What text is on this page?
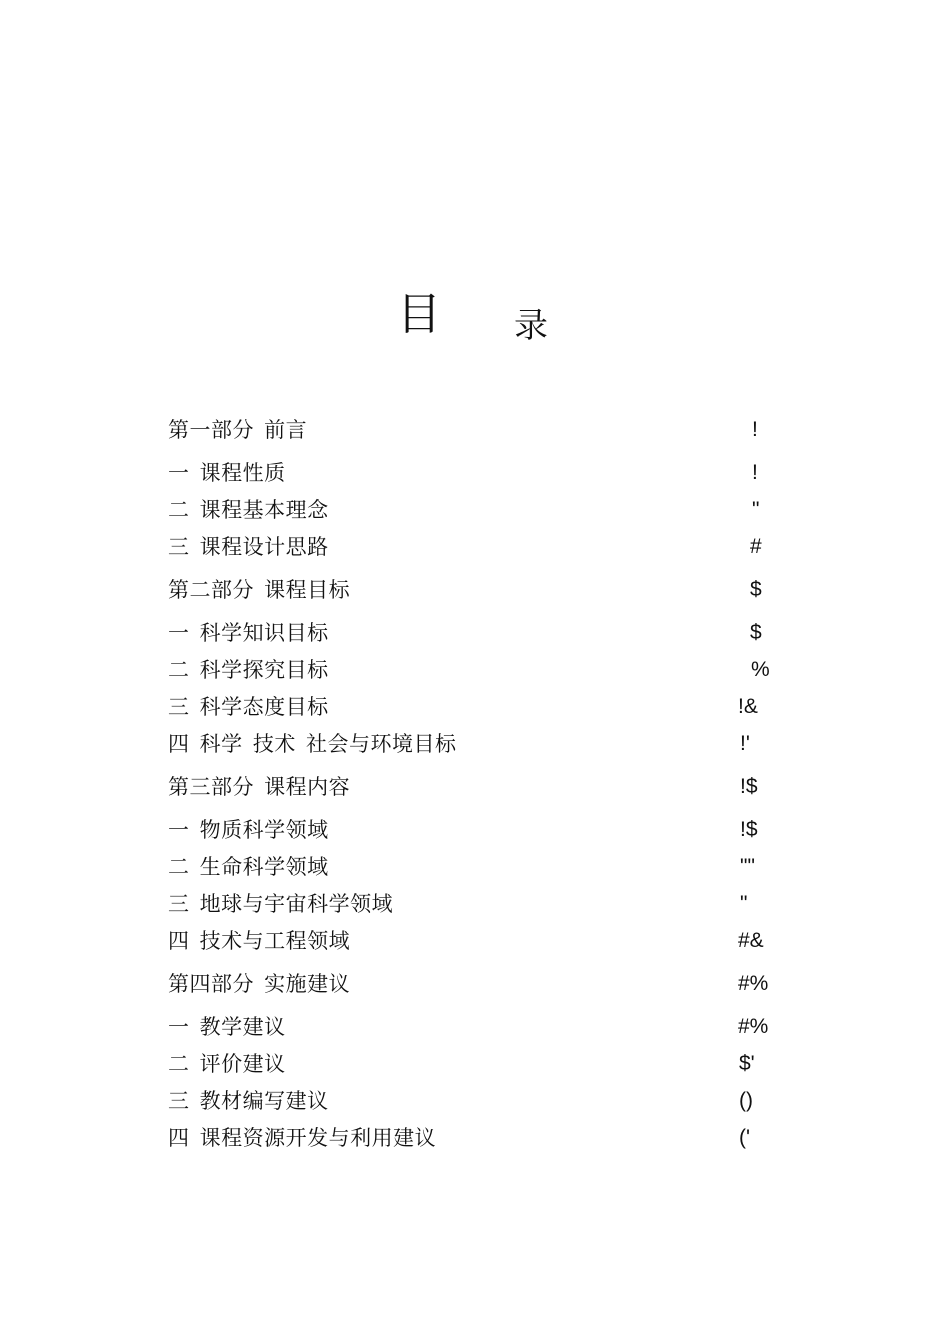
目 录
第一部分 前言	!
一 课程性质	!
二 课程基本理念	"
三 课程设计思路	#
第二部分 课程目标	$
一 科学知识目标	$
二 科学探究目标	%
三 科学态度目标	!&
四 科学 技术 社会与环境目标	!'
第三部分 课程内容	!$
一 物质科学领域	!$
二 生命科学领域	""
三 地球与宇宙科学领域	"
四 技术与工程领域	#&
第四部分 实施建议	#%
一 教学建议	#%
二 评价建议	$'
三 教材编写建议	()
四 课程资源开发与利用建议	('
